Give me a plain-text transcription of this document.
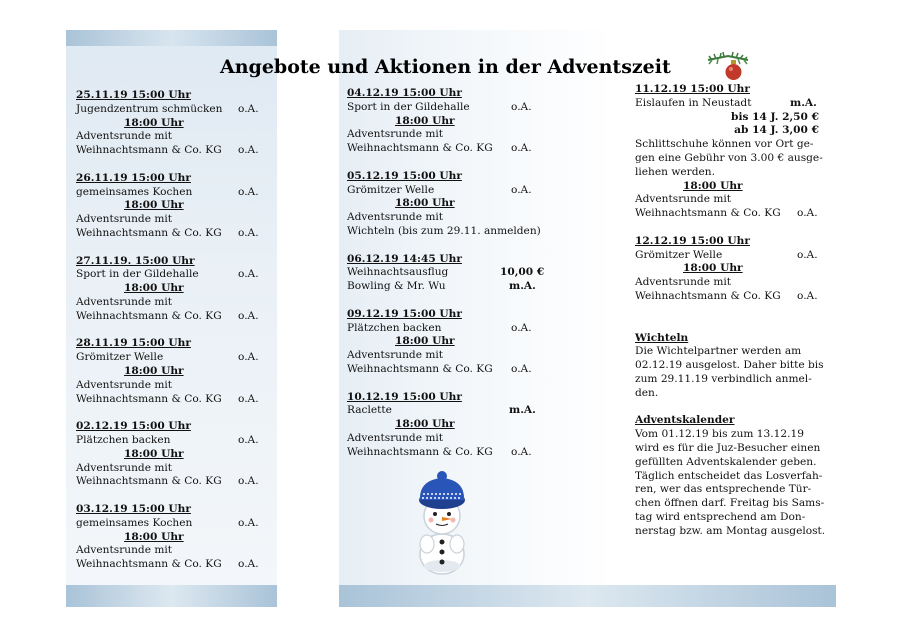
Angebote und Aktionen in der Adventszeit
25.11.19 15:00 Uhr
Jugendzentrum schmücken o.A.
18:00 Uhr
Adventsrunde mit
Weihnachtsmann & Co. KG o.A.
26.11.19 15:00 Uhr
gemeinsames Kochen	o.A.
18:00 Uhr
Adventsrunde mit
Weihnachtsmann & Co. KG o.A.
27.11.19. 15:00 Uhr
Sport in der Gildehalle	o.A.
18:00 Uhr
Adventsrunde mit
Weihnachtsmann & Co. KG o.A.
28.11.19 15:00 Uhr
Grömitzer Welle	o.A.
18:00 Uhr
Adventsrunde mit
Weihnachtsmann & Co. KG o.A.
02.12.19 15:00 Uhr
Plätzchen backen	o.A.
18:00 Uhr
Adventsrunde mit
Weihnachtsmann & Co. KG o.A.
03.12.19 15:00 Uhr
gemeinsames Kochen	o.A.
18:00 Uhr
Adventsrunde mit
Weihnachtsmann & Co. KG o.A.
04.12.19 15:00 Uhr
Sport in der Gildehalle	o.A.
18:00 Uhr
Adventsrunde mit
Weihnachtsmann & Co. KG o.A.
05.12.19 15:00 Uhr
Grömitzer Welle	o.A.
18:00 Uhr
Adventsrunde mit
Wichteln (bis zum 29.11. anmelden)
06.12.19 14:45 Uhr
Weihnachtsausflug	10,00 €
Bowling & Mr. Wu	m.A.
09.12.19 15:00 Uhr
Plätzchen backen	o.A.
18:00 Uhr
Adventsrunde mit
Weihnachtsmann & Co. KG o.A.
10.12.19 15:00 Uhr
Raclette	m.A.
18:00 Uhr
Adventsrunde mit
Weihnachtsmann & Co. KG o.A.
11.12.19 15:00 Uhr
Eislaufen in Neustadt	m.A.
bis 14 J. 2,50 €
ab 14 J. 3,00 €
Schlittschuhe können vor Ort ge-
gen eine Gebühr von 3.00 € ausge-
liehen werden.
18:00 Uhr
Adventsrunde mit
Weihnachtsmann & Co. KG o.A.
12.12.19 15:00 Uhr
Grömitzer Welle	o.A.
18:00 Uhr
Adventsrunde mit
Weihnachtsmann & Co. KG o.A.
Wichteln
Die Wichtelpartner werden am
02.12.19 ausgelost. Daher bitte bis
zum 29.11.19 verbindlich anmel-
den.
Adventskalender
Vom 01.12.19 bis zum 13.12.19
wird es für die Juz-Besucher einen
gefüllten Adventskalender geben.
Täglich entscheidet das Losverfah-
ren, wer das entsprechende Tür-
chen öffnen darf. Freitag bis Sams-
tag wird entsprechend am Don-
nerstag bzw. am Montag ausgelost.
